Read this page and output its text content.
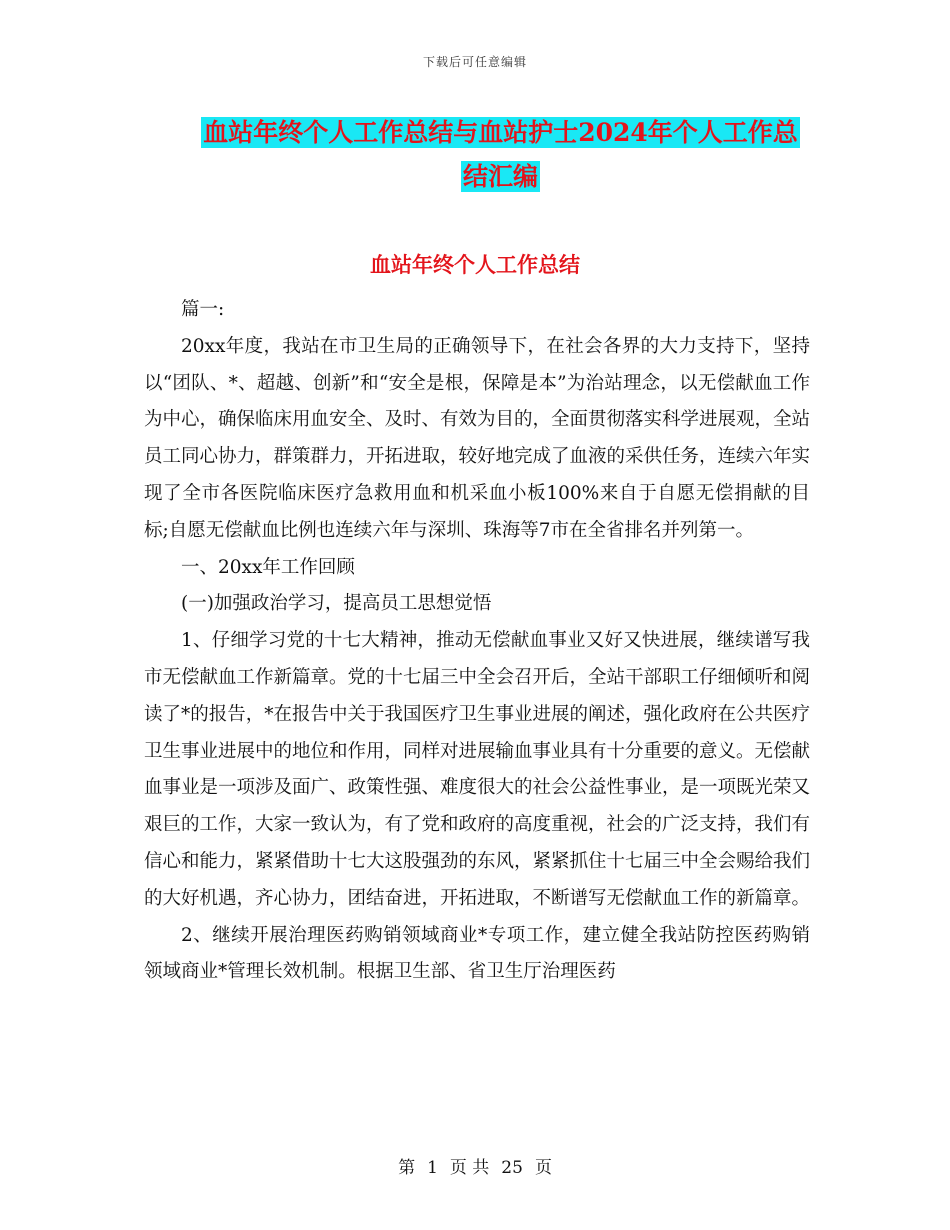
下载后可任意编辑
血站年终个人工作总结与血站护士2024年个人工作总
结汇编
血站年终个人工作总结

篇一:

20xx年度，我站在市卫生局的正确领导下，在社会各界的大力支持下，坚持以“团队、*、超越、创新”和“安全是根，保障是本”为治站理念，以无偿献血工作为中心，确保临床用血安全、及时、有效为目的，全面贯彻落实科学进展观，全站员工同心协力，群策群力，开拓进取，较好地完成了血液的采供任务，连续六年实现了全市各医院临床医疗急救用血和机采血小板100%来自于自愿无偿捐献的目标;自愿无偿献血比例也连续六年与深圳、珠海等7市在全省排名并列第一。

一、20xx年工作回顾

(一)加强政治学习，提高员工思想觉悟

1、仔细学习党的十七大精神，推动无偿献血事业又好又快进展，继续谱写我市无偿献血工作新篇章。党的十七届三中全会召开后，全站干部职工仔细倾听和阅读了*的报告，*在报告中关于我国医疗卫生事业进展的阐述，强化政府在公共医疗卫生事业进展中的地位和作用，同样对进展输血事业具有十分重要的意义。无偿献血事业是一项涉及面广、政策性强、难度很大的社会公益性事业，是一项既光荣又艰巨的工作，大家一致认为，有了党和政府的高度重视，社会的广泛支持，我们有信心和能力，紧紧借助十七大这股强劲的东风，紧紧抓住十七届三中全会赐给我们的大好机遇，齐心协力，团结奋进，开拓进取，不断谱写无偿献血工作的新篇章。

2、继续开展治理医药购销领域商业*专项工作，建立健全我站防控医药购销领域商业*管理长效机制。根据卫生部、省卫生厅治理医药

第 1 页 共 25 页
